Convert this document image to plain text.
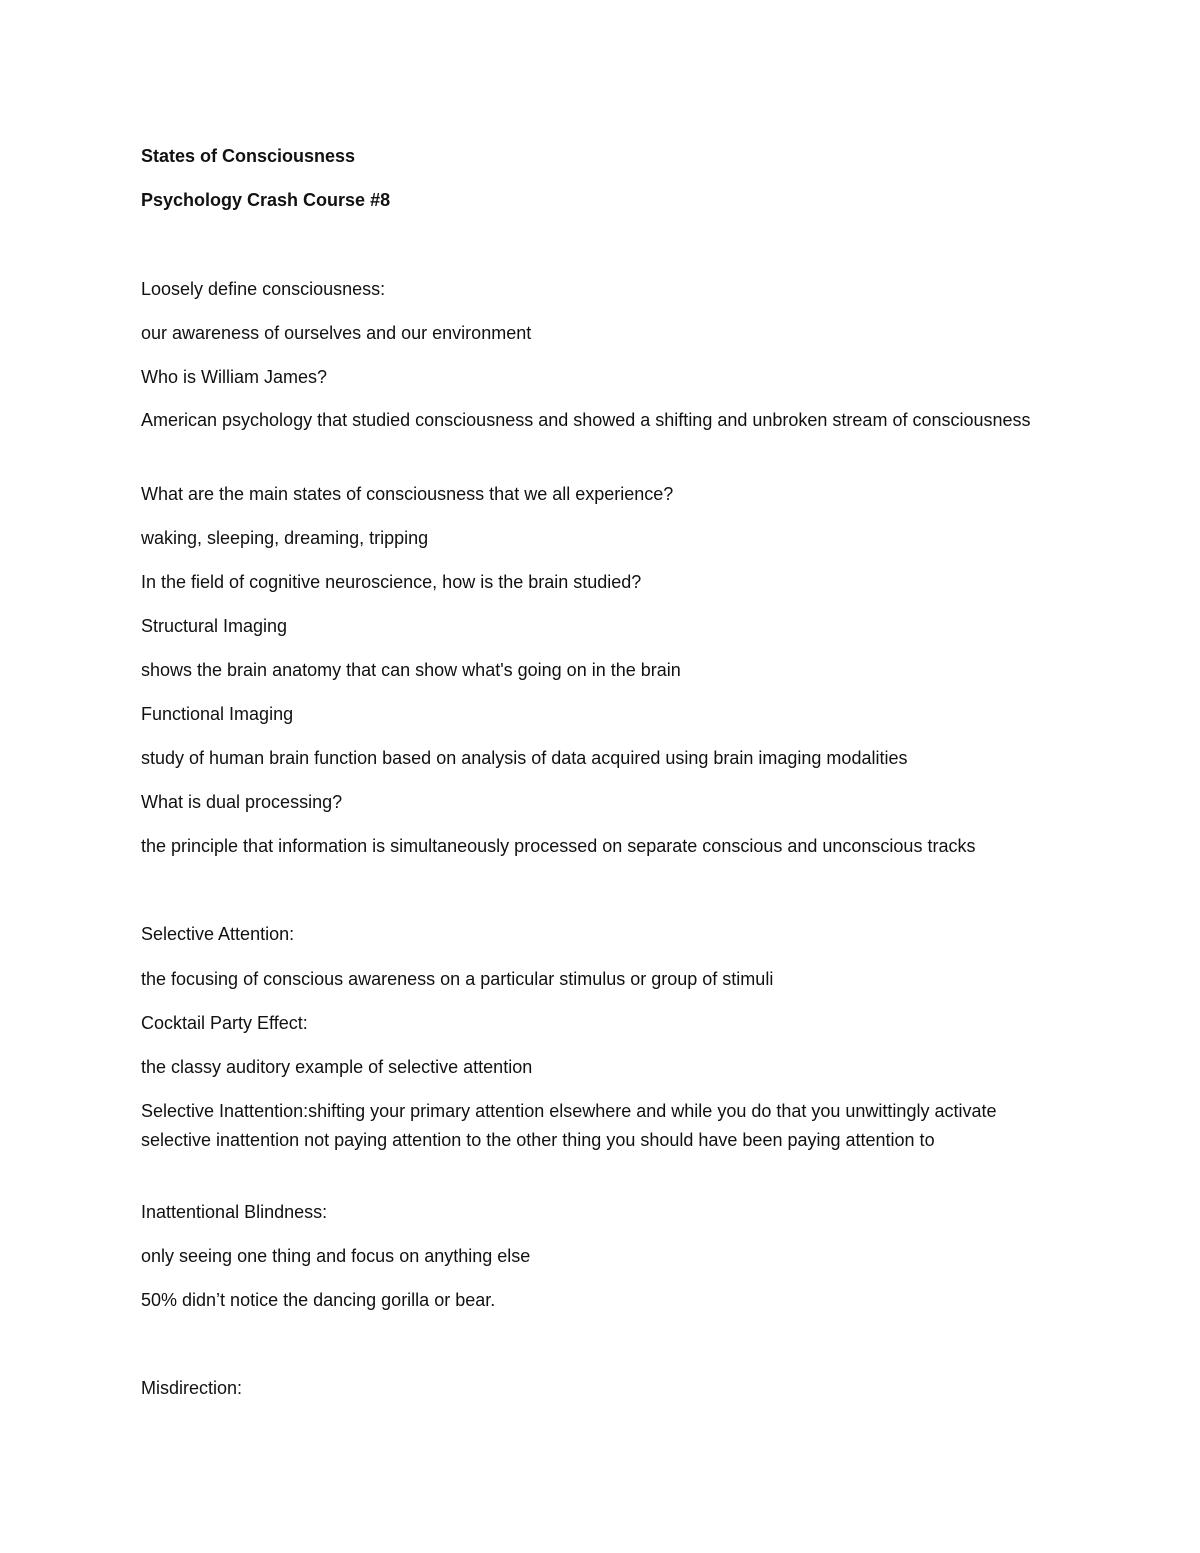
States of Consciousness
Psychology Crash Course #8
Loosely define consciousness:
our awareness of ourselves and our environment
Who is William James?
American psychology that studied consciousness and showed a shifting and unbroken stream of consciousness
What are the main states of consciousness that we all experience?
waking, sleeping, dreaming, tripping
In the field of cognitive neuroscience, how is the brain studied?
Structural Imaging
shows the brain anatomy that can show what's going on in the brain
Functional Imaging
study of human brain function based on analysis of data acquired using brain imaging modalities
What is dual processing?
the principle that information is simultaneously processed on separate conscious and unconscious tracks
Selective Attention:
the focusing of conscious awareness on a particular stimulus or group of stimuli
Cocktail Party Effect:
the classy auditory example of selective attention
Selective Inattention:shifting your primary attention elsewhere and while you do that you unwittingly activate selective inattention not paying attention to the other thing you should have been paying attention to
Inattentional Blindness:
only seeing one thing and focus on anything else
50% didn’t notice the dancing gorilla or bear.
Misdirection:
